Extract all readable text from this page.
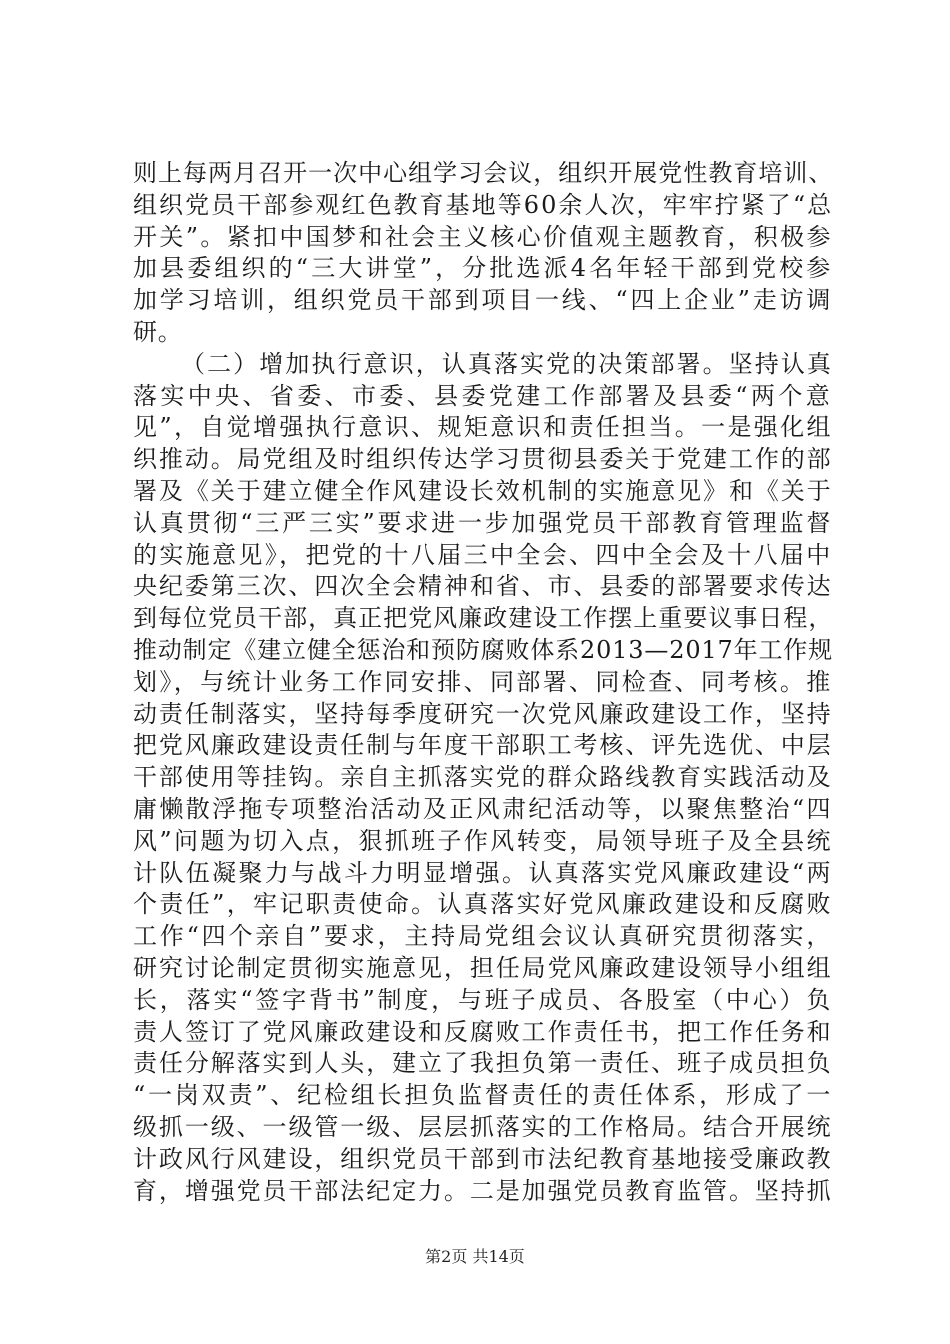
则上每两月召开一次中心组学习会议，组织开展党性教育培训、
组织党员干部参观红色教育基地等60余人次，牢牢拧紧了“总
开关”。紧扣中国梦和社会主义核心价值观主题教育，积极参
加县委组织的“三大讲堂”，分批选派4名年轻干部到党校参
加学习培训，组织党员干部到项目一线、“四上企业”走访调
研。
（二）增加执行意识，认真落实党的决策部署。坚持认真
落实中央、省委、市委、县委党建工作部署及县委“两个意
见”，自觉增强执行意识、规矩意识和责任担当。一是强化组
织推动。局党组及时组织传达学习贯彻县委关于党建工作的部
署及《关于建立健全作风建设长效机制的实施意见》和《关于
认真贯彻“三严三实”要求进一步加强党员干部教育管理监督
的实施意见》，把党的十八届三中全会、四中全会及十八届中
央纪委第三次、四次全会精神和省、市、县委的部署要求传达
到每位党员干部，真正把党风廉政建设工作摆上重要议事日程，
推动制定《建立健全惩治和预防腐败体系2013—2017年工作规
划》，与统计业务工作同安排、同部署、同检查、同考核。推
动责任制落实，坚持每季度研究一次党风廉政建设工作，坚持
把党风廉政建设责任制与年度干部职工考核、评先选优、中层
干部使用等挂钩。亲自主抓落实党的群众路线教育实践活动及
庸懒散浮拖专项整治活动及正风肃纪活动等，以聚焦整治“四
风”问题为切入点，狠抓班子作风转变，局领导班子及全县统
计队伍凝聚力与战斗力明显增强。认真落实党风廉政建设“两
个责任”，牢记职责使命。认真落实好党风廉政建设和反腐败
工作“四个亲自”要求，主持局党组会议认真研究贯彻落实，
研究讨论制定贯彻实施意见，担任局党风廉政建设领导小组组
长，落实“签字背书”制度，与班子成员、各股室（中心）负
责人签订了党风廉政建设和反腐败工作责任书，把工作任务和
责任分解落实到人头，建立了我担负第一责任、班子成员担负
“一岗双责”、纪检组长担负监督责任的责任体系，形成了一
级抓一级、一级管一级、层层抓落实的工作格局。结合开展统
计政风行风建设，组织党员干部到市法纪教育基地接受廉政教
育，增强党员干部法纪定力。二是加强党员教育监管。坚持抓
第2页 共14页
